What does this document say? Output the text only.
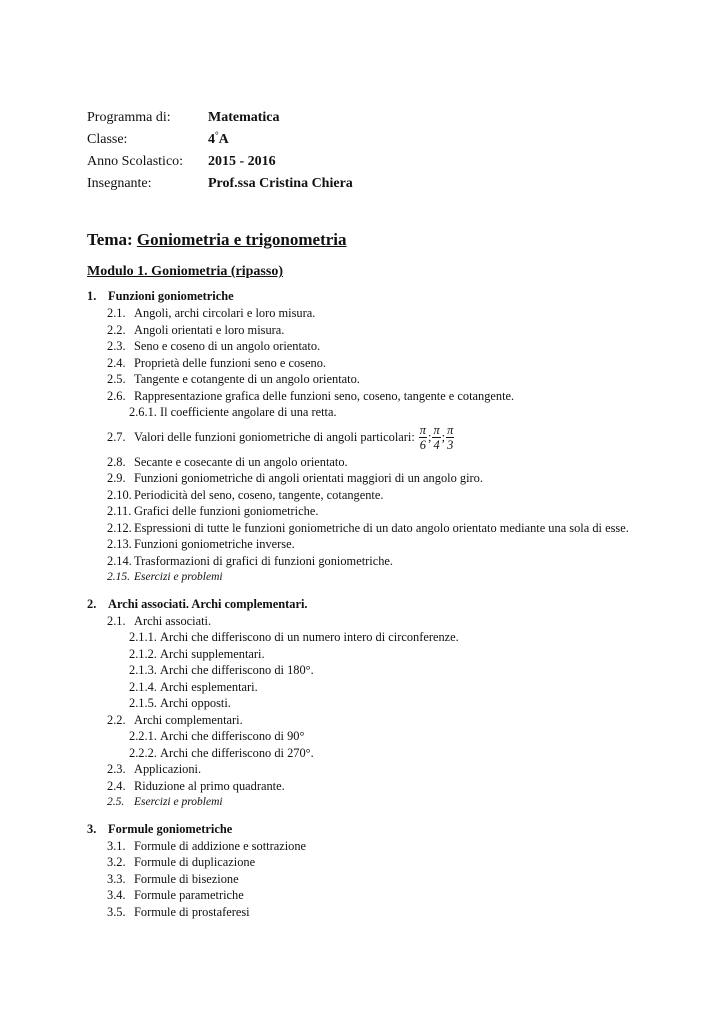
Programma di:	Matematica
Classe:	4°A
Anno Scolastico: 2015 - 2016
Insegnante:	Prof.ssa Cristina Chiera
Tema: Goniometria e trigonometria
Modulo 1. Goniometria (ripasso)
1. Funzioni goniometriche
2.1. Angoli, archi circolari e loro misura.
2.2. Angoli orientati e loro misura.
2.3. Seno e coseno di un angolo orientato.
2.4. Proprietà delle funzioni seno e coseno.
2.5. Tangente e cotangente di un angolo orientato.
2.6. Rappresentazione grafica delle funzioni seno, coseno, tangente e cotangente.
2.6.1. Il coefficiente angolare di una retta.
2.7. Valori delle funzioni goniometriche di angoli particolari: $\frac{\pi}{6}$ ; $\frac{\pi}{4}$ ; $\frac{\pi}{3}$
2.8. Secante e cosecante di un angolo orientato.
2.9. Funzioni goniometriche di angoli orientati maggiori di un angolo giro.
2.10. Periodicità del seno, coseno, tangente, cotangente.
2.11. Grafici delle funzioni goniometriche.
2.12. Espressioni di tutte le funzioni goniometriche di un dato angolo orientato mediante una sola di esse.
2.13. Funzioni goniometriche inverse.
2.14. Trasformazioni di grafici di funzioni goniometriche.
2.15. Esercizi e problemi
2. Archi associati. Archi complementari.
2.1. Archi associati.
2.1.1. Archi che differiscono di un numero intero di circonferenze.
2.1.2. Archi supplementari.
2.1.3. Archi che differiscono di 180°.
2.1.4. Archi esplementari.
2.1.5. Archi opposti.
2.2. Archi complementari.
2.2.1. Archi che differiscono di 90°
2.2.2. Archi che differiscono di 270°.
2.3. Applicazioni.
2.4. Riduzione al primo quadrante.
2.5. Esercizi e problemi
3. Formule goniometriche
3.1. Formule di addizione e sottrazione
3.2. Formule di duplicazione
3.3. Formule di bisezione
3.4. Formule parametriche
3.5. Formule di prostaferesi
